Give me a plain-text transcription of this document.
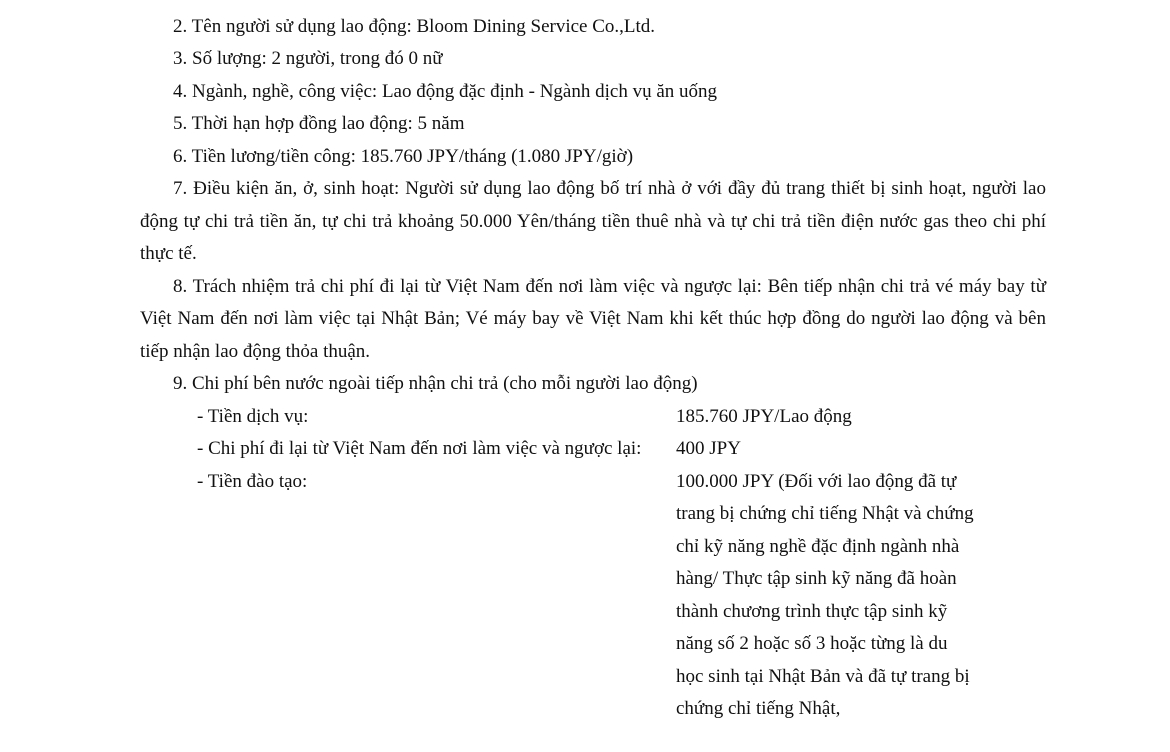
2. Tên người sử dụng lao động: Bloom Dining Service Co.,Ltd.
3. Số lượng: 2 người, trong đó 0 nữ
4. Ngành, nghề, công việc: Lao động đặc định - Ngành dịch vụ ăn uống
5. Thời hạn hợp đồng lao động: 5 năm
6. Tiền lương/tiền công: 185.760 JPY/tháng (1.080 JPY/giờ)
7. Điều kiện ăn, ở, sinh hoạt: Người sử dụng lao động bố trí nhà ở với đầy đủ trang thiết bị sinh hoạt, người lao động tự chi trả tiền ăn, tự chi trả khoảng 50.000 Yên/tháng tiền thuê nhà và tự chi trả tiền điện nước gas theo chi phí thực tế.
8. Trách nhiệm trả chi phí đi lại từ Việt Nam đến nơi làm việc và ngược lại: Bên tiếp nhận chi trả vé máy bay từ Việt Nam đến nơi làm việc tại Nhật Bản; Vé máy bay về Việt Nam khi kết thúc hợp đồng do người lao động và bên tiếp nhận lao động thỏa thuận.
9. Chi phí bên nước ngoài tiếp nhận chi trả (cho mỗi người lao động)
- Tiền dịch vụ:	185.760 JPY/Lao động
- Chi phí đi lại từ Việt Nam đến nơi làm việc và ngược lại:	400 JPY
- Tiền đào tạo:	100.000 JPY (Đối với lao động đã tự trang bị chứng chỉ tiếng Nhật và chứng chỉ kỹ năng nghề đặc định ngành nhà hàng/ Thực tập sinh kỹ năng đã hoàn thành chương trình thực tập sinh kỹ năng số 2 hoặc số 3 hoặc từng là du học sinh tại Nhật Bản và đã tự trang bị chứng chỉ tiếng Nhật,
